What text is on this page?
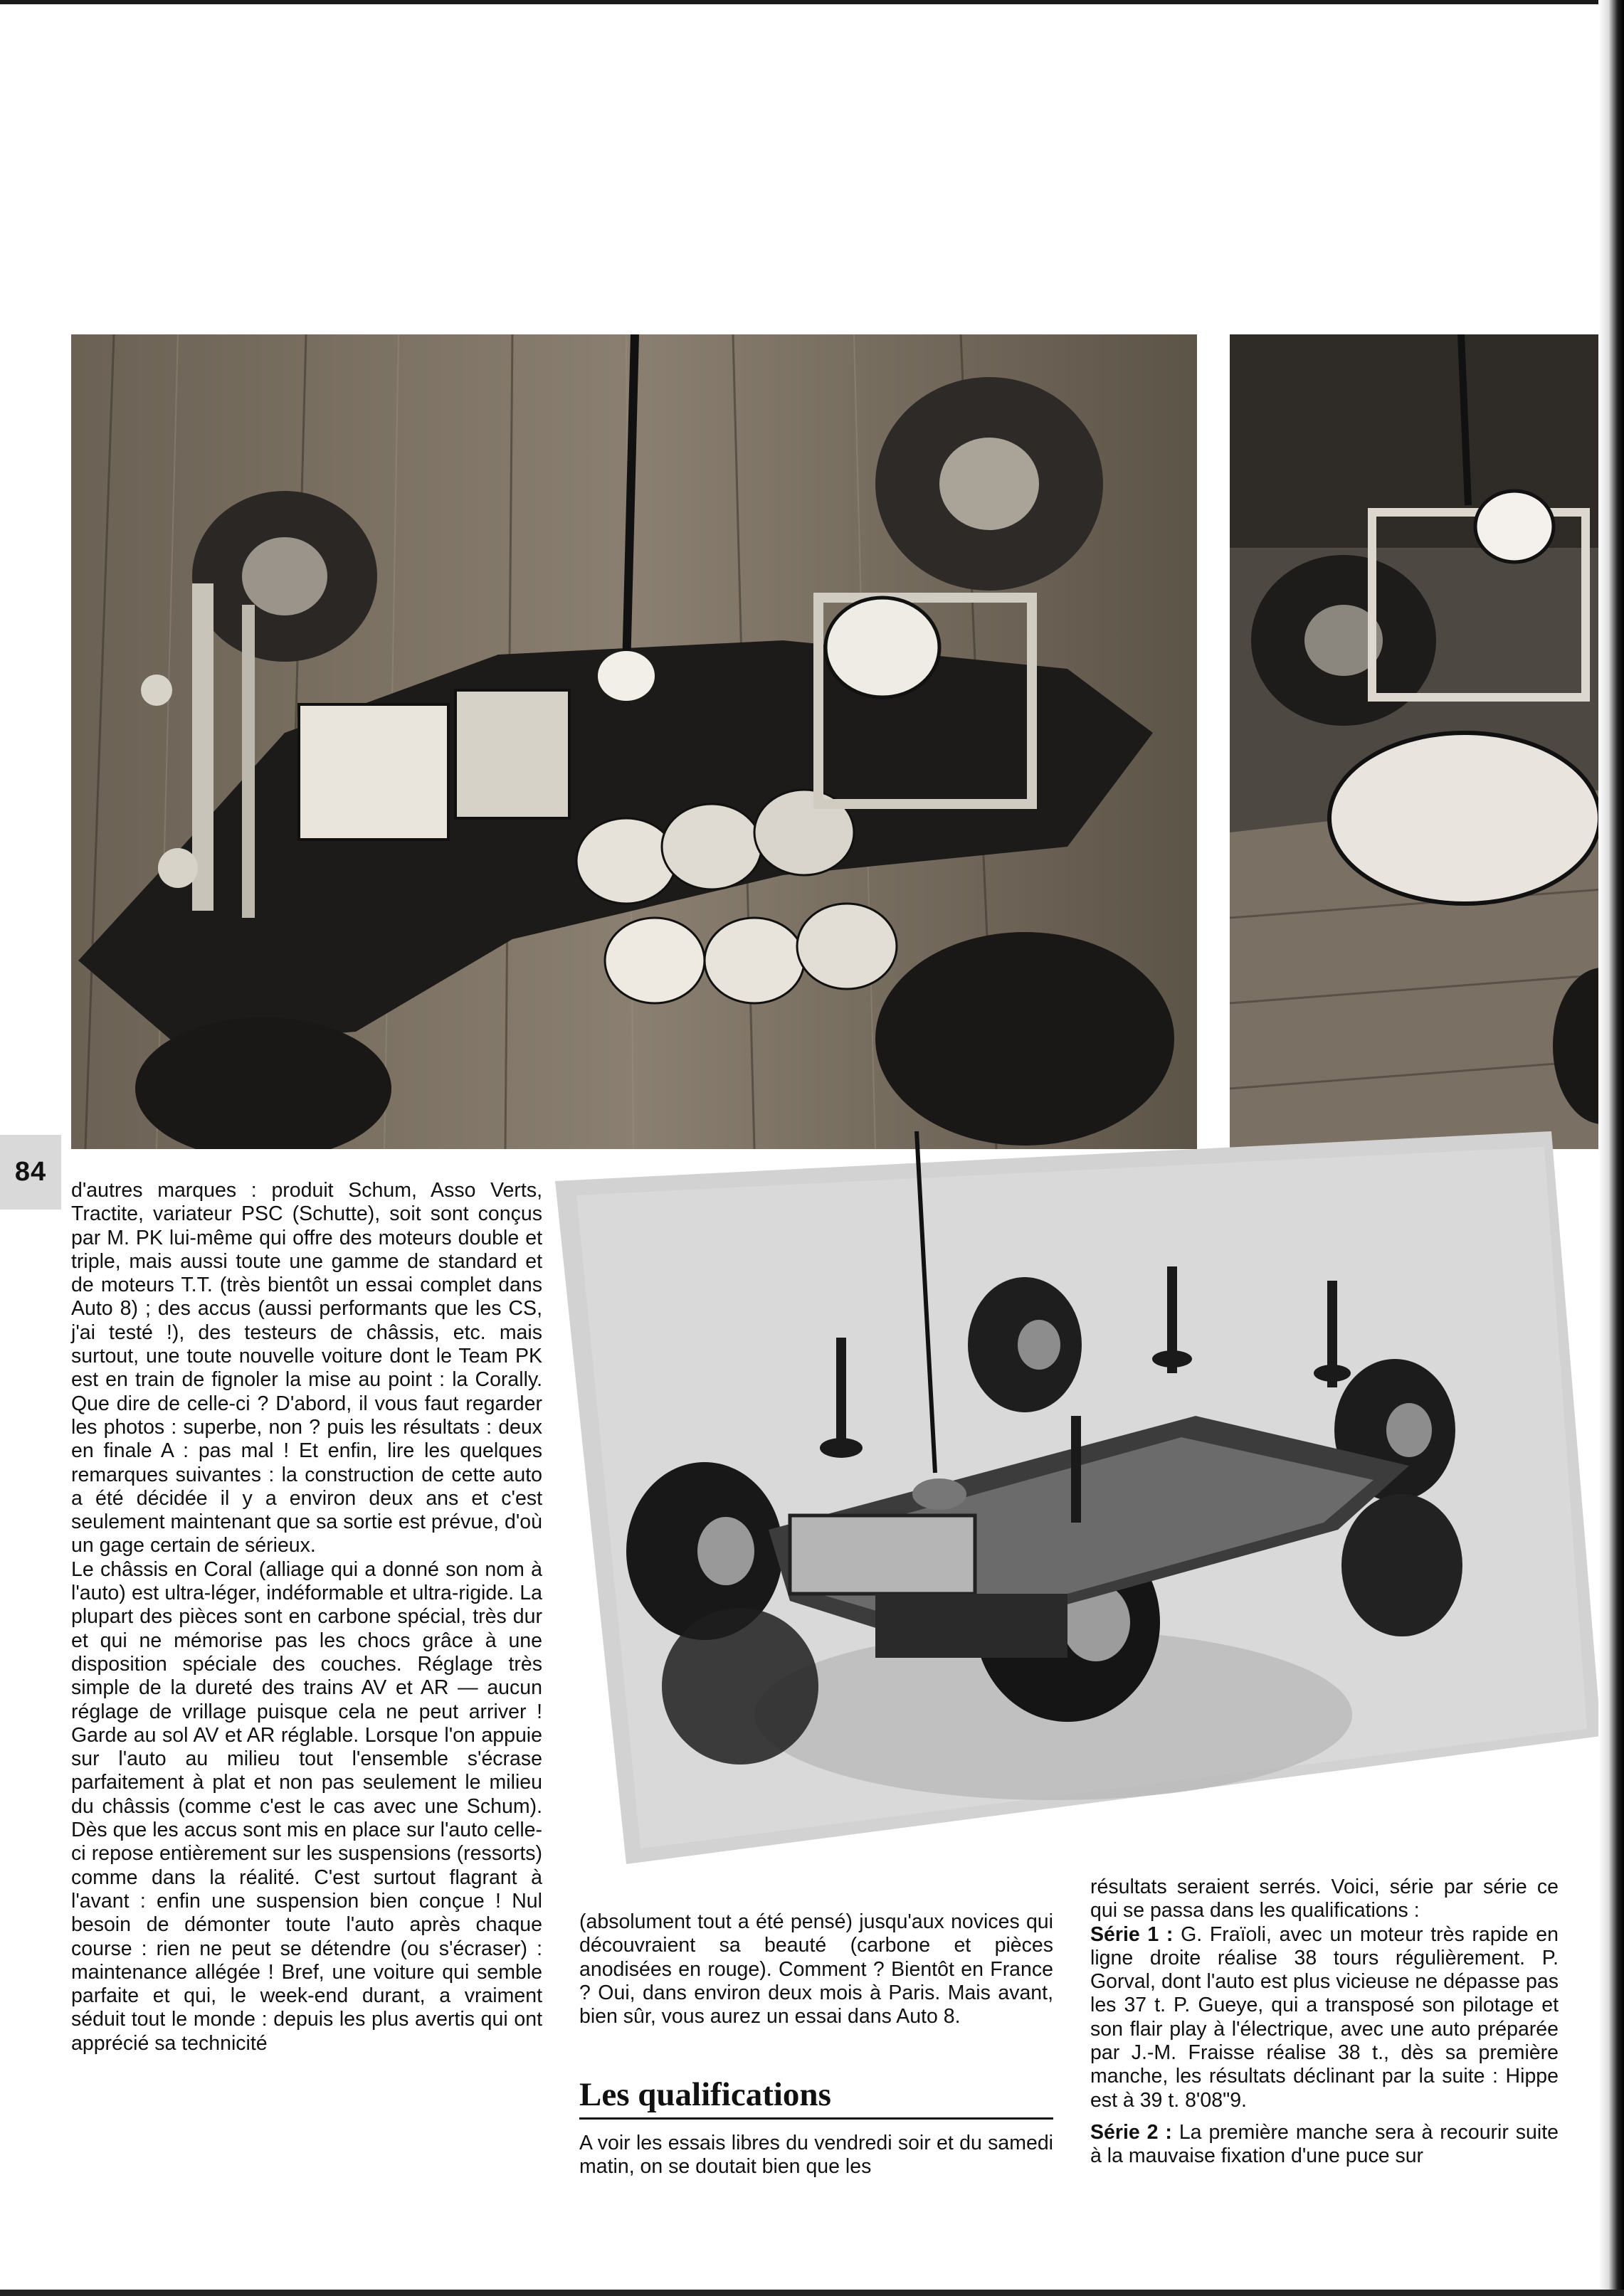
84

d'autres marques : produit Schum, Asso Verts, Tractite, variateur PSC (Schutte), soit sont conçus par M. PK lui-même qui offre des moteurs double et triple, mais aussi toute une gamme de standard et de moteurs T.T. (très bientôt un essai complet dans Auto 8) ; des accus (aussi performants que les CS, j'ai testé !), des testeurs de châssis, etc. mais surtout, une toute nouvelle voiture dont le Team PK est en train de fignoler la mise au point : la Corally. Que dire de celle-ci ? D'abord, il vous faut regarder les photos : superbe, non ? puis les résultats : deux en finale A : pas mal ! Et enfin, lire les quelques remarques suivantes : la construction de cette auto a été décidée il y a environ deux ans et c'est seulement maintenant que sa sortie est prévue, d'où un gage certain de sérieux.

Le châssis en Coral (alliage qui a donné son nom à l'auto) est ultra-léger, indéformable et ultra-rigide. La plupart des pièces sont en carbone spécial, très dur et qui ne mémorise pas les chocs grâce à une disposition spéciale des couches. Réglage très simple de la dureté des trains AV et AR — aucun réglage de vrillage puisque cela ne peut arriver ! Garde au sol AV et AR réglable. Lorsque l'on appuie sur l'auto au milieu tout l'ensemble s'écrase parfaitement à plat et non pas seulement le milieu du châssis (comme c'est le cas avec une Schum). Dès que les accus sont mis en place sur l'auto celle-ci repose entièrement sur les suspensions (ressorts) comme dans la réalité. C'est surtout flagrant à l'avant : enfin une suspension bien conçue ! Nul besoin de démonter toute l'auto après chaque course : rien ne peut se détendre (ou s'écraser) : maintenance allégée ! Bref, une voiture qui semble parfaite et qui, le week-end durant, a vraiment séduit tout le monde : depuis les plus avertis qui ont apprécié sa technicité

(absolument tout a été pensé) jusqu'aux novices qui découvraient sa beauté (carbone et pièces anodisées en rouge). Comment ? Bientôt en France ? Oui, dans environ deux mois à Paris. Mais avant, bien sûr, vous aurez un essai dans Auto 8.

Les qualifications

A voir les essais libres du vendredi soir et du samedi matin, on se doutait bien que les

résultats seraient serrés. Voici, série par série ce qui se passa dans les qualifications :

Série 1 : G. Fraïoli, avec un moteur très rapide en ligne droite réalise 38 tours régulièrement. P. Gorval, dont l'auto est plus vicieuse ne dépasse pas les 37 t. P. Gueye, qui a transposé son pilotage et son flair play à l'électrique, avec une auto préparée par J.-M. Fraisse réalise 38 t., dès sa première manche, les résultats déclinant par la suite : Hippe est à 39 t. 8'08"9.

Série 2 : La première manche sera à recourir suite à la mauvaise fixation d'une puce sur
